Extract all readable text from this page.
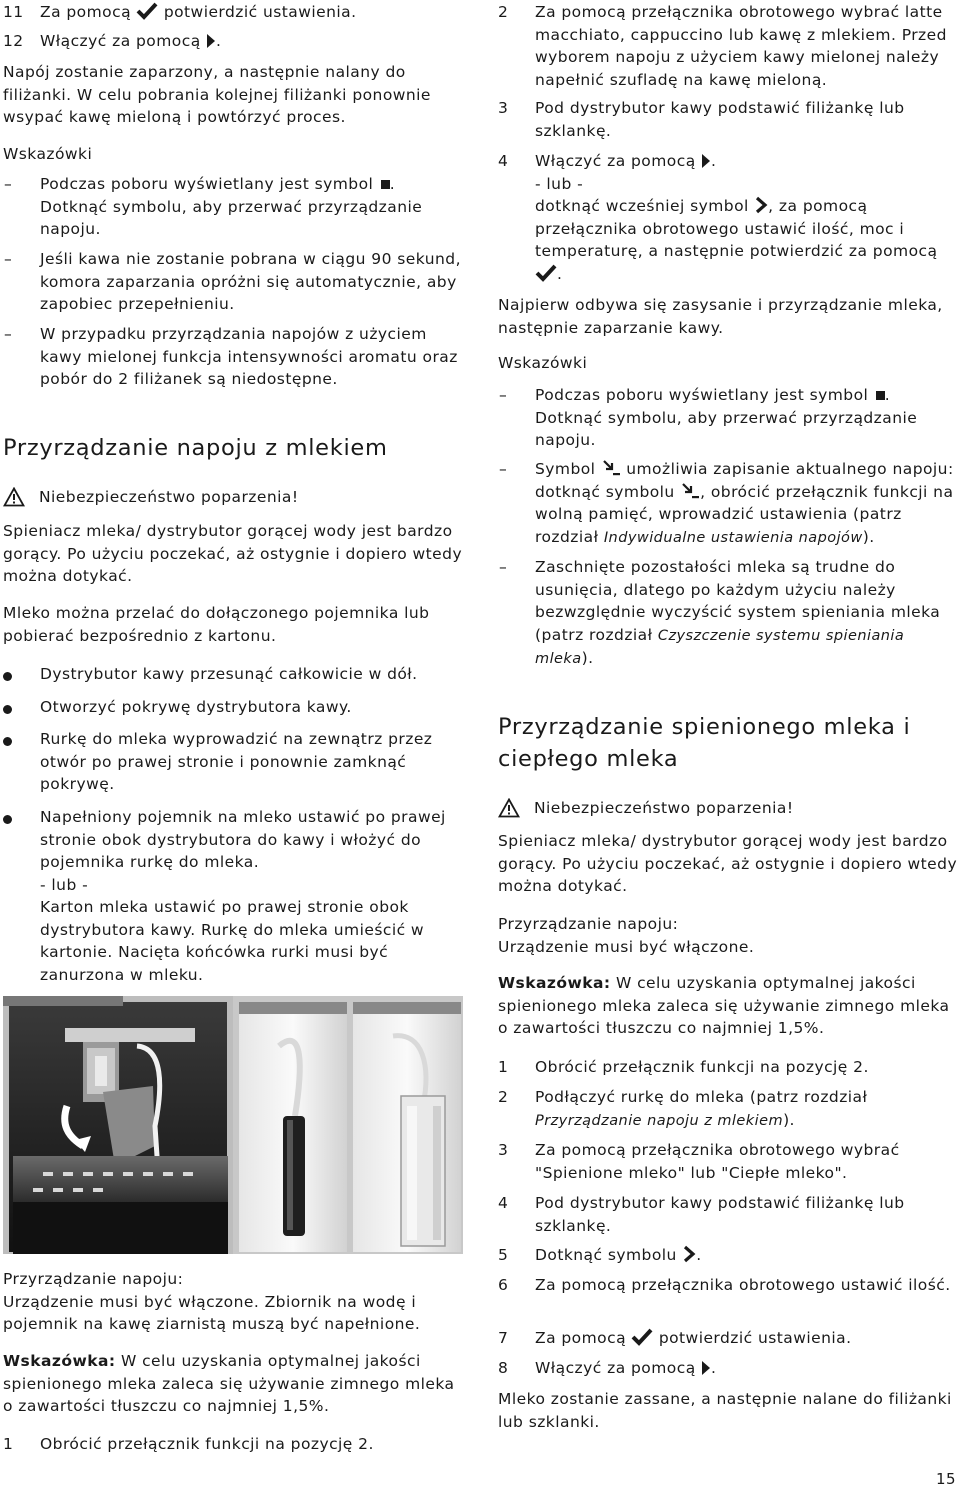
11 Za pomocą potwierdzić ustawienia.
12 Włączyć za pomocą .
Napój zostanie zaparzony, a następnie nalany do filiżanki. W celu pobrania kolejnej filiżanki ponownie wsypać kawę mieloną i powtórzyć proces.
Wskazówki
– Podczas poboru wyświetlany jest symbol . Dotknąć symbolu, aby przerwać przyrządzanie napoju.
– Jeśli kawa nie zostanie pobrana w ciągu 90 sekund, komora zaparzania opróżni się automatycznie, aby zapobiec przepełnieniu.
– W przypadku przyrządzania napojów z użyciem kawy mielonej funkcja intensywności aromatu oraz pobór do 2 filiżanek są niedostępne.
Przyrządzanie napoju z mlekiem
Niebezpieczeństwo poparzenia!
Spieniacz mleka/ dystrybutor gorącej wody jest bardzo gorący. Po użyciu poczekać, aż ostygnie i dopiero wtedy można dotykać.
Mleko można przelać do dołączonego pojemnika lub pobierać bezpośrednio z kartonu.
Dystrybutor kawy przesunąć całkowicie w dół.
Otworzyć pokrywę dystrybutora kawy.
Rurkę do mleka wyprowadzić na zewnątrz przez otwór po prawej stronie i ponownie zamknąć pokrywę.
Napełniony pojemnik na mleko ustawić po prawej stronie obok dystrybutora do kawy i włożyć do pojemnika rurkę do mleka.
- lub -
Karton mleka ustawić po prawej stronie obok dystrybutora kawy. Rurkę do mleka umieścić w kartonie. Nacięta końcówka rurki musi być zanurzona w mleku.
Przyrządzanie napoju:
Urządzenie musi być włączone. Zbiornik na wodę i pojemnik na kawę ziarnistą muszą być napełnione.
Wskazówka: W celu uzyskania optymalnej jakości spienionego mleka zaleca się używanie zimnego mleka o zawartości tłuszczu co najmniej 1,5%.
1 Obrócić przełącznik funkcji na pozycję 2.
2 Za pomocą przełącznika obrotowego wybrać latte macchiato, cappuccino lub kawę z mlekiem. Przed wyborem napoju z użyciem kawy mielonej należy napełnić szufladę na kawę mieloną.
3 Pod dystrybutor kawy podstawić filiżankę lub szklankę.
4 Włączyć za pomocą .
- lub -
dotknąć wcześniej symbol , za pomocą przełącznika obrotowego ustawić ilość, moc i temperaturę, a następnie potwierdzić za pomocą .
Najpierw odbywa się zasysanie i przyrządzanie mleka, następnie zaparzanie kawy.
Wskazówki
– Podczas poboru wyświetlany jest symbol . Dotknąć symbolu, aby przerwać przyrządzanie napoju.
– Symbol umożliwia zapisanie aktualnego napoju: dotknąć symbolu , obrócić przełącznik funkcji na wolną pamięć, wprowadzić ustawienia (patrz rozdział Indywidualne ustawienia napojów).
– Zaschnięte pozostałości mleka są trudne do usunięcia, dlatego po każdym użyciu należy bezwzględnie wyczyścić system spieniania mleka (patrz rozdział Czyszczenie systemu spieniania mleka).
Przyrządzanie spienionego mleka i ciepłego mleka
Niebezpieczeństwo poparzenia!
Spieniacz mleka/ dystrybutor gorącej wody jest bardzo gorący. Po użyciu poczekać, aż ostygnie i dopiero wtedy można dotykać.
Przyrządzanie napoju:
Urządzenie musi być włączone.
Wskazówka: W celu uzyskania optymalnej jakości spienionego mleka zaleca się używanie zimnego mleka o zawartości tłuszczu co najmniej 1,5%.
1 Obrócić przełącznik funkcji na pozycję 2.
2 Podłączyć rurkę do mleka (patrz rozdział Przyrządzanie napoju z mlekiem).
3 Za pomocą przełącznika obrotowego wybrać "Spienione mleko" lub "Ciepłe mleko".
4 Pod dystrybutor kawy podstawić filiżankę lub szklankę.
5 Dotknąć symbolu .
6 Za pomocą przełącznika obrotowego ustawić ilość.
7 Za pomocą potwierdzić ustawienia.
8 Włączyć za pomocą .
Mleko zostanie zassane, a następnie nalane do filiżanki lub szklanki.
15
